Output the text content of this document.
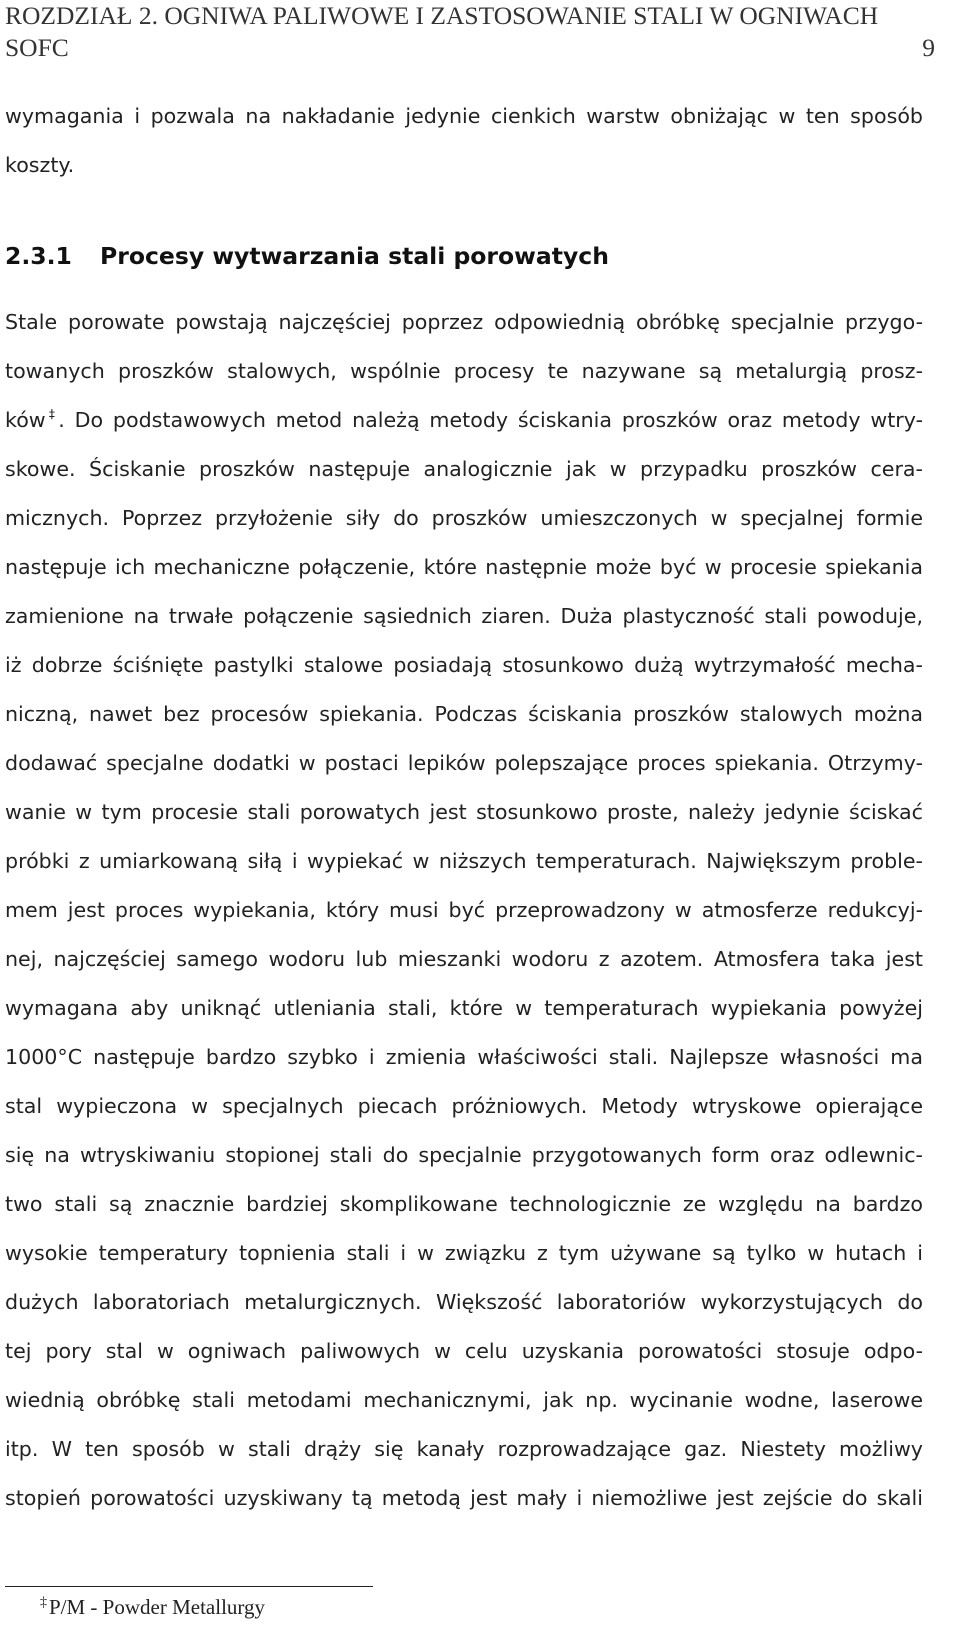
ROZDZIAŁ 2. OGNIWA PALIWOWE I ZASTOSOWANIE STALI W OGNIWACH
SOFC	9
wymagania i pozwala na nakładanie jedynie cienkich warstw obniżając w ten sposób
koszty.
2.3.1 Procesy wytwarzania stali porowatych
Stale porowate powstają najczęściej poprzez odpowiednią obróbkę specjalnie przygo-
towanych proszków stalowych, wspólnie procesy te nazywane są metalurgią prosz-
ków‡. Do podstawowych metod należą metody ściskania proszków oraz metody wtry-
skowe. Ściskanie proszków następuje analogicznie jak w przypadku proszków cera-
micznych. Poprzez przyłożenie siły do proszków umieszczonych w specjalnej formie
następuje ich mechaniczne połączenie, które następnie może być w procesie spiekania
zamienione na trwałe połączenie sąsiednich ziaren. Duża plastyczność stali powoduje,
iż dobrze ściśnięte pastylki stalowe posiadają stosunkowo dużą wytrzymałość mecha-
niczną, nawet bez procesów spiekania. Podczas ściskania proszków stalowych można
dodawać specjalne dodatki w postaci lepików polepszające proces spiekania. Otrzymy-
wanie w tym procesie stali porowatych jest stosunkowo proste, należy jedynie ściskać
próbki z umiarkowaną siłą i wypiekać w niższych temperaturach. Największym proble-
mem jest proces wypiekania, który musi być przeprowadzony w atmosferze redukcyj-
nej, najczęściej samego wodoru lub mieszanki wodoru z azotem. Atmosfera taka jest
wymagana aby uniknąć utleniania stali, które w temperaturach wypiekania powyżej
1000°C następuje bardzo szybko i zmienia właściwości stali. Najlepsze własności ma
stal wypieczona w specjalnych piecach próżniowych. Metody wtryskowe opierające
się na wtryskiwaniu stopionej stali do specjalnie przygotowanych form oraz odlewnic-
two stali są znacznie bardziej skomplikowane technologicznie ze względu na bardzo
wysokie temperatury topnienia stali i w związku z tym używane są tylko w hutach i
dużych laboratoriach metalurgicznych. Większość laboratoriów wykorzystujących do
tej pory stal w ogniwach paliwowych w celu uzyskania porowatości stosuje odpo-
wiednią obróbkę stali metodami mechanicznymi, jak np. wycinanie wodne, laserowe
itp. W ten sposób w stali drąży się kanały rozprowadzające gaz. Niestety możliwy
stopień porowatości uzyskiwany tą metodą jest mały i niemożliwe jest zejście do skali
‡P/M - Powder Metallurgy
